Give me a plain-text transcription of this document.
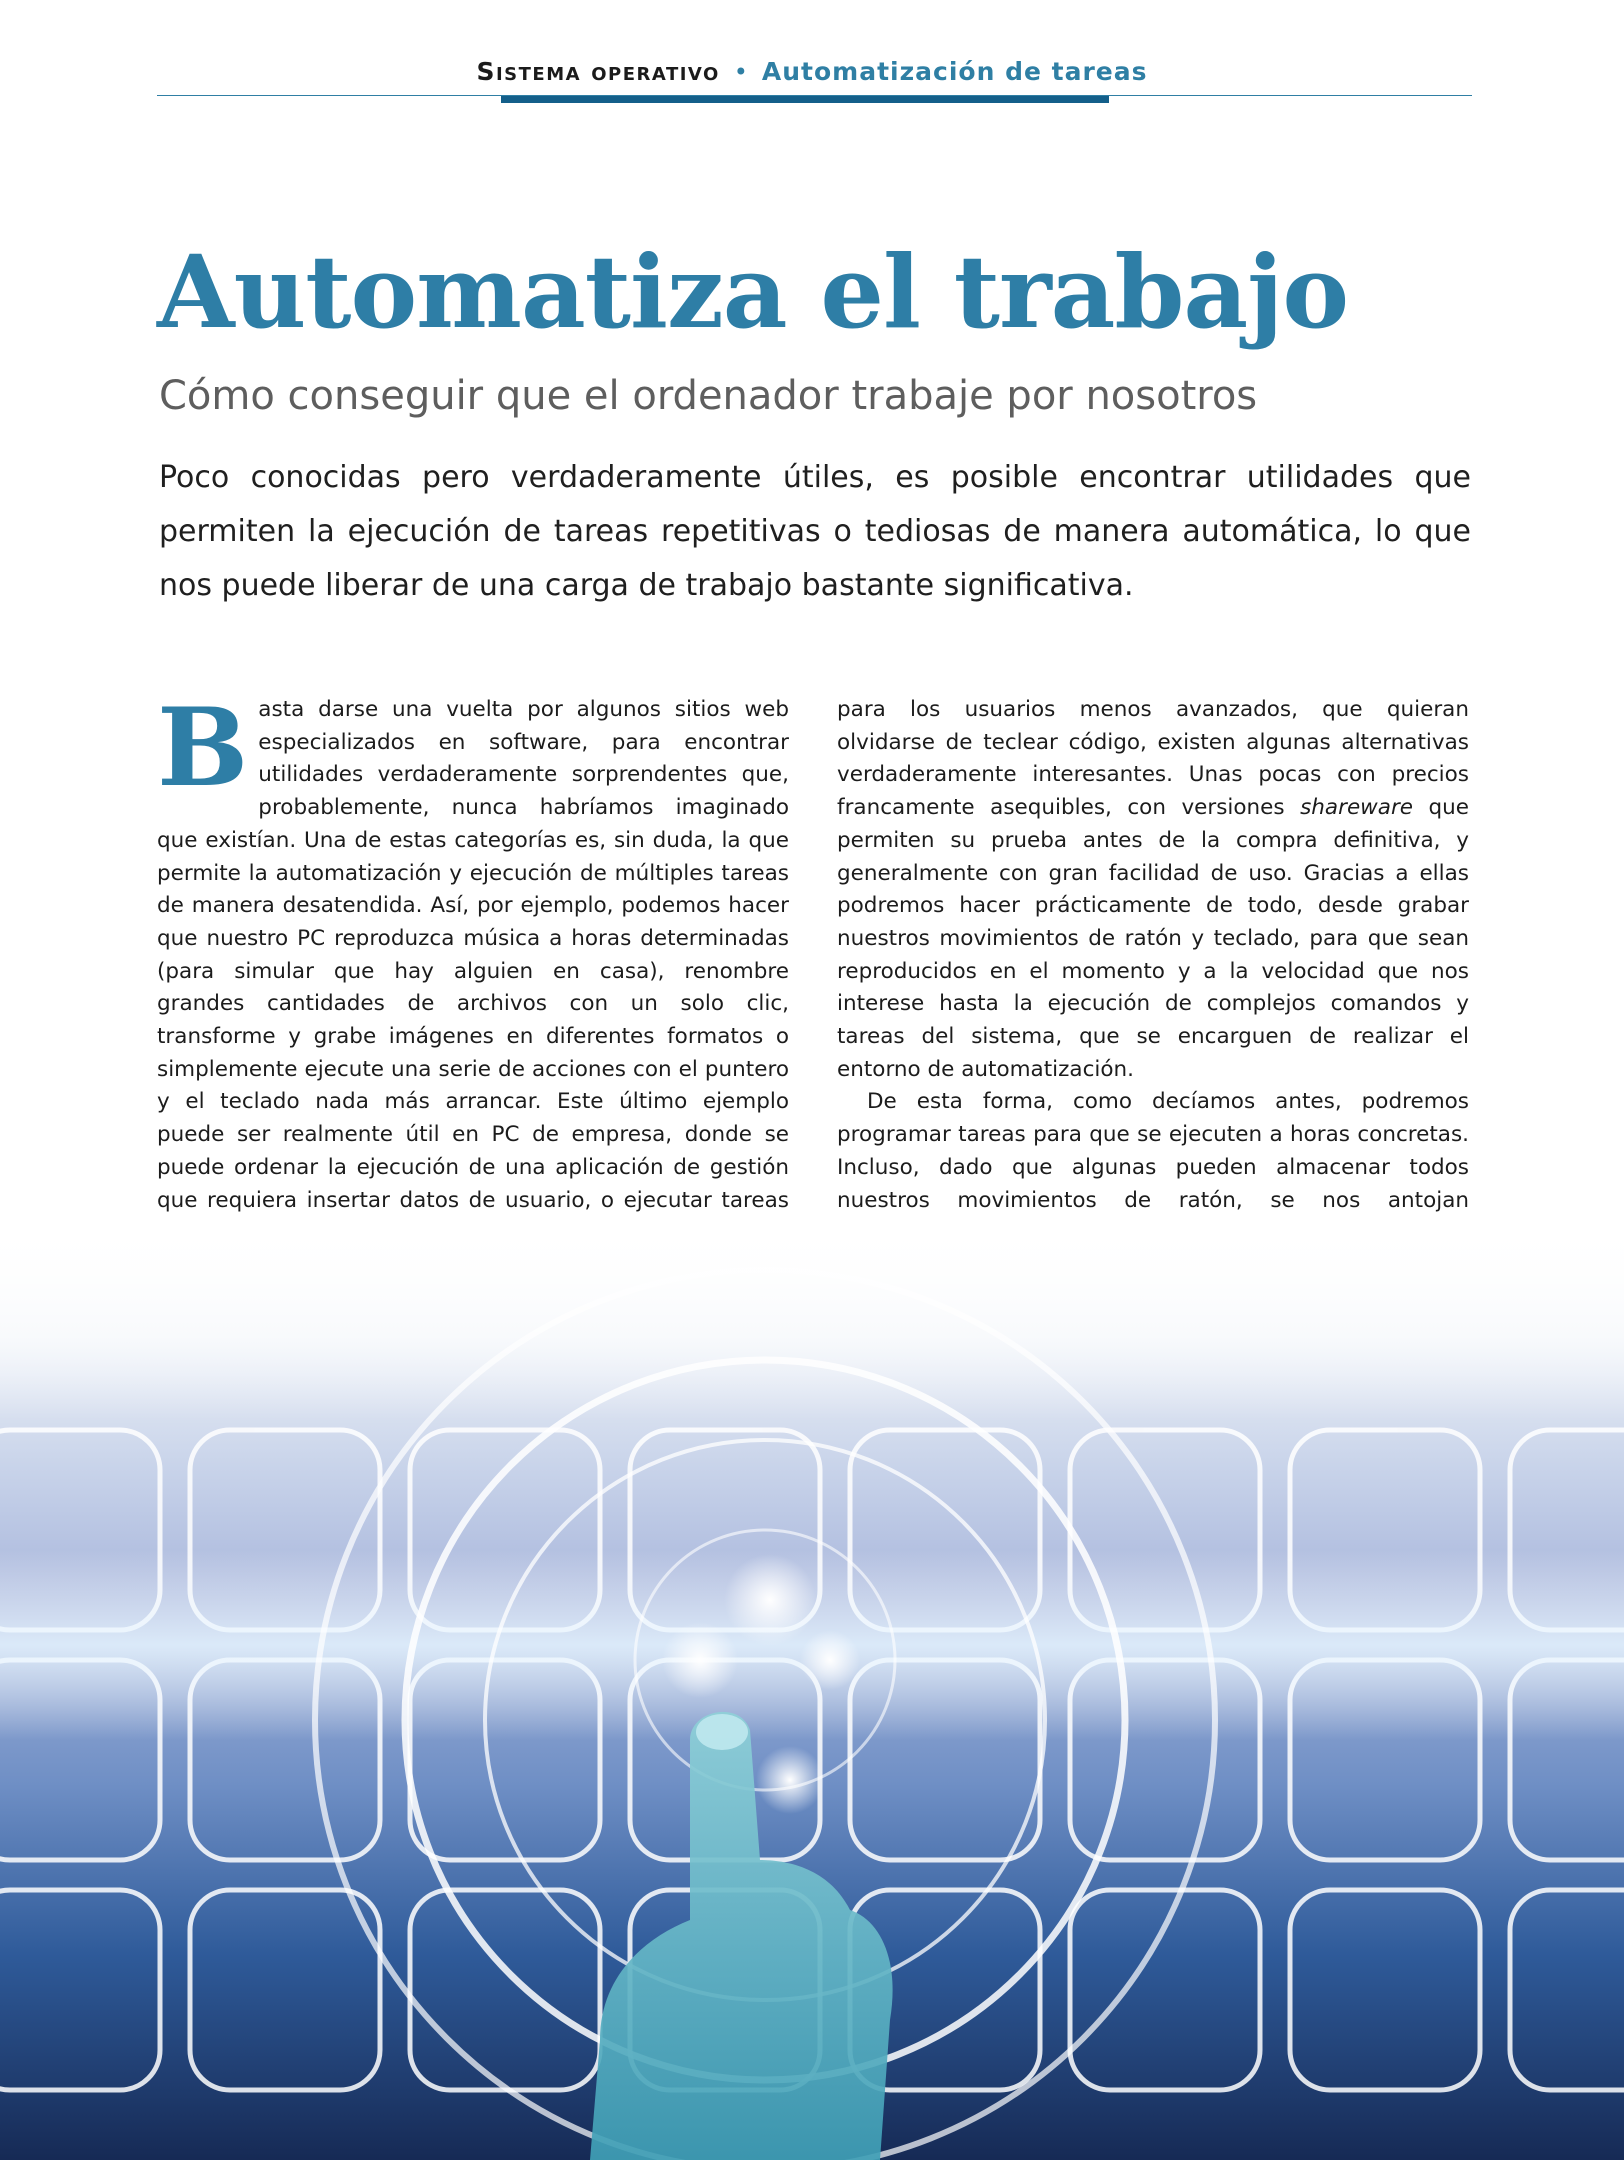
Sistema operativo • Automatización de tareas
Automatiza el trabajo
Cómo conseguir que el ordenador trabaje por nosotros

Poco conocidas pero verdaderamente útiles, es posible encontrar utilidades que permiten la ejecución de tareas repetitivas o tediosas de manera automática, lo que nos puede liberar de una carga de trabajo bastante significativa.

Basta darse una vuelta por algunos sitios web especializados en software, para encontrar utilidades verdaderamente sorprendentes que, probablemente, nunca habríamos imaginado que existían. Una de estas categorías es, sin duda, la que permite la automatización y ejecución de múltiples tareas de manera desatendida. Así, por ejemplo, podemos hacer que nuestro PC reproduzca música a horas determinadas (para simular que hay alguien en casa), renombre grandes cantidades de archivos con un solo clic, transforme y grabe imágenes en diferentes formatos o simplemente ejecute una serie de acciones con el puntero y el teclado nada más arrancar. Este último ejemplo puede ser realmente útil en PC de empresa, donde se puede ordenar la ejecución de una aplicación de gestión que requiera insertar datos de usuario, o ejecutar tareas

para los usuarios menos avanzados, que quieran olvidarse de teclear código, existen algunas alternativas verdaderamente interesantes. Unas pocas con precios francamente asequibles, con versiones shareware que permiten su prueba antes de la compra definitiva, y generalmente con gran facilidad de uso. Gracias a ellas podremos hacer prácticamente de todo, desde grabar nuestros movimientos de ratón y teclado, para que sean reproducidos en el momento y a la velocidad que nos interese hasta la ejecución de complejos comandos y tareas del sistema, que se encarguen de realizar el entorno de automatización.

De esta forma, como decíamos antes, podremos programar tareas para que se ejecuten a horas concretas. Incluso, dado que algunas pueden almacenar todos nuestros movimientos de ratón, se nos antojan
